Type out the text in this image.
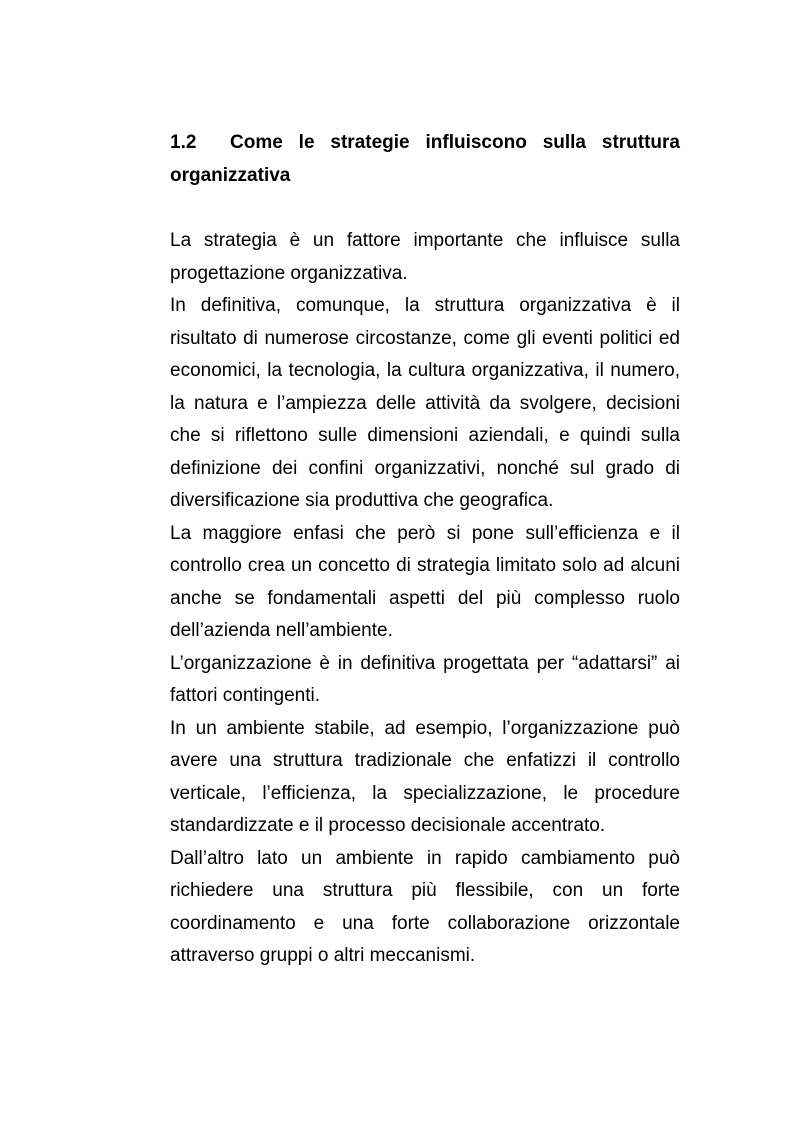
1.2 Come le strategie influiscono sulla struttura organizzativa

La strategia è un fattore importante che influisce sulla progettazione organizzativa.

In definitiva, comunque, la struttura organizzativa è il risultato di numerose circostanze, come gli eventi politici ed economici, la tecnologia, la cultura organizzativa, il numero, la natura e l’ampiezza delle attività da svolgere, decisioni che si riflettono sulle dimensioni aziendali, e quindi sulla definizione dei confini organizzativi, nonché sul grado di diversificazione sia produttiva che geografica.

La maggiore enfasi che però si pone sull’efficienza e il controllo crea un concetto di strategia limitato solo ad alcuni anche se fondamentali aspetti del più complesso ruolo dell’azienda nell’ambiente.

L’organizzazione è in definitiva progettata per “adattarsi” ai fattori contingenti.

In un ambiente stabile, ad esempio, l’organizzazione può avere una struttura tradizionale che enfatizzi il controllo verticale, l’efficienza, la specializzazione, le procedure standardizzate e il processo decisionale accentrato.

Dall’altro lato un ambiente in rapido cambiamento può richiedere una struttura più flessibile, con un forte coordinamento e una forte collaborazione orizzontale attraverso gruppi o altri meccanismi.
